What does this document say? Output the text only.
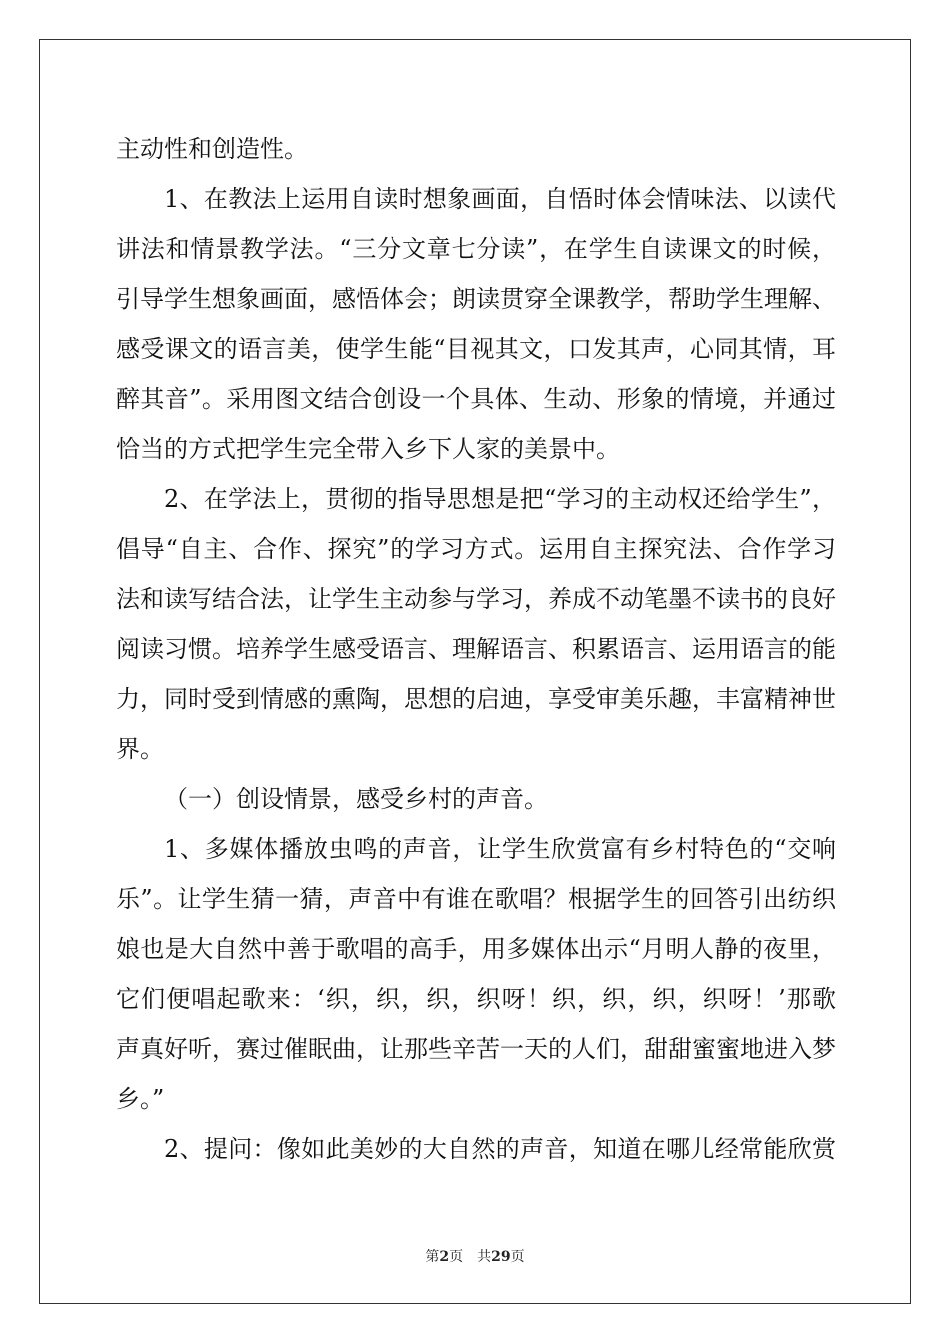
主动性和创造性。
1、在教法上运用自读时想象画面，自悟时体会情味法、以读代
讲法和情景教学法。“三分文章七分读”，在学生自读课文的时候，
引导学生想象画面，感悟体会；朗读贯穿全课教学，帮助学生理解、
感受课文的语言美，使学生能“目视其文，口发其声，心同其情，耳
醉其音”。采用图文结合创设一个具体、生动、形象的情境，并通过
恰当的方式把学生完全带入乡下人家的美景中。
2、在学法上，贯彻的指导思想是把“学习的主动权还给学生”，
倡导“自主、合作、探究”的学习方式。运用自主探究法、合作学习
法和读写结合法，让学生主动参与学习，养成不动笔墨不读书的良好
阅读习惯。培养学生感受语言、理解语言、积累语言、运用语言的能
力，同时受到情感的熏陶，思想的启迪，享受审美乐趣，丰富精神世
界。
（一）创设情景，感受乡村的声音。
1、多媒体播放虫鸣的声音，让学生欣赏富有乡村特色的“交响
乐”。让学生猜一猜，声音中有谁在歌唱？根据学生的回答引出纺织
娘也是大自然中善于歌唱的高手，用多媒体出示“月明人静的夜里，
它们便唱起歌来：‘织，织，织，织呀！织，织，织，织呀！’那歌
声真好听，赛过催眠曲，让那些辛苦一天的人们，甜甜蜜蜜地进入梦
乡。”
2、提问：像如此美妙的大自然的声音，知道在哪儿经常能欣赏
第2页 共29页
